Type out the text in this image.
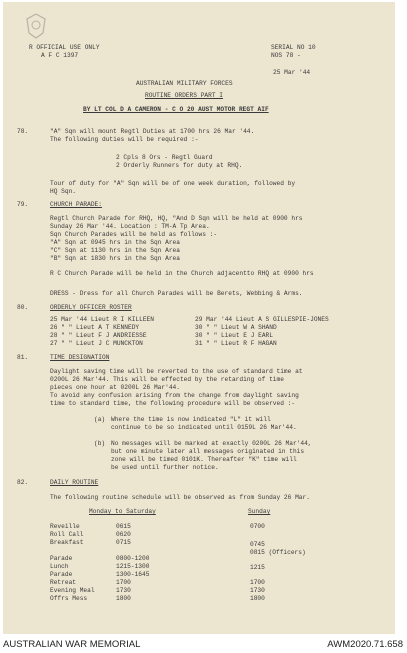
R OFFICIAL USE ONLY
A F C 1397
SERIAL NO 10
NOS 78 -
25 Mar '44
AUSTRALIAN MILITARY FORCES
ROUTINE ORDERS PART I
BY LT COL D A CAMERON - C O 20 AUST MOTOR REGT AIF
78.	"A" Sqn will mount Regtl Duties at 1700 hrs 26 Mar '44.
The following duties will be required :-
2 Cpls 8 Ors - Regtl Guard
2 Orderly Runners for duty at RHQ.
Tour of duty for "A" Sqn will be of one week duration, followed by
HQ Sqn.
79.	CHURCH PARADE:
Regtl Church Parade for RHQ, HQ, "And D Sqn will be held at 0900 hrs
Sunday 26 Mar '44. Location : TM-A Tp Area.
Sqn Church Parades will be held as follows :-
"A" Sqn at 0945 hrs in the Sqn Area
"C" Sqn at 1130 hrs in the Sqn Area
"B" Sqn at 1830 hrs in the Sqn Area
R C Church Parade will be held in the Church adjacentto RHQ at 0900 hrs
DRESS - Dress for all Church Parades will be Berets, Webbing & Arms.
80.	ORDERLY OFFICER ROSTER
25 Mar '44 Lieut R I KILLEEN	29 Mar '44 Lieut A S GILLESPIE-JONES
26 " " Lieut A T KENNEDY	30 " " Lieut W A SHAND
28 " " Lieut F J ANDRIESSE	30 " " Lieut E J EARL
27 " " Lieut J C MUNCKTON	31 " " Lieut R F HAGAN
81.	TIME DESIGNATION
Daylight saving time will be reverted to the use of standard time at
0200L 26 Mar'44. This will be effected by the retarding of time
pieces one hour at 0200L 26 Mar'44.
To avoid any confusion arising from the change from daylight saving
time to standard time, the following procedure will be observed :-
(a) Where the time is now indicated "L" it will
continue to be so indicated until 0159L 26 Mar'44.
(b) No messages will be marked at exactly 0200L 26 Mar'44,
but one minute later all messages originated in this
zone will be timed 0101K. Thereafter "K" time will
be used until further notice.
82.	DAILY ROUTINE
The following routine schedule will be observed as from Sunday 26 Mar.
Monday to Saturday	Sunday
Reveille	0615	0700
Roll Call	0620
Breakfast	0715	0745
0815 (Officers)
Parade	0800-1200
Lunch	1215-1300	1215
Parade	1300-1645
Retreat	1700	1700
Evening Meal	1730	1730
Offrs Mess	1800	1800
AUSTRALIAN WAR MEMORIAL	AWM2020.71.658
